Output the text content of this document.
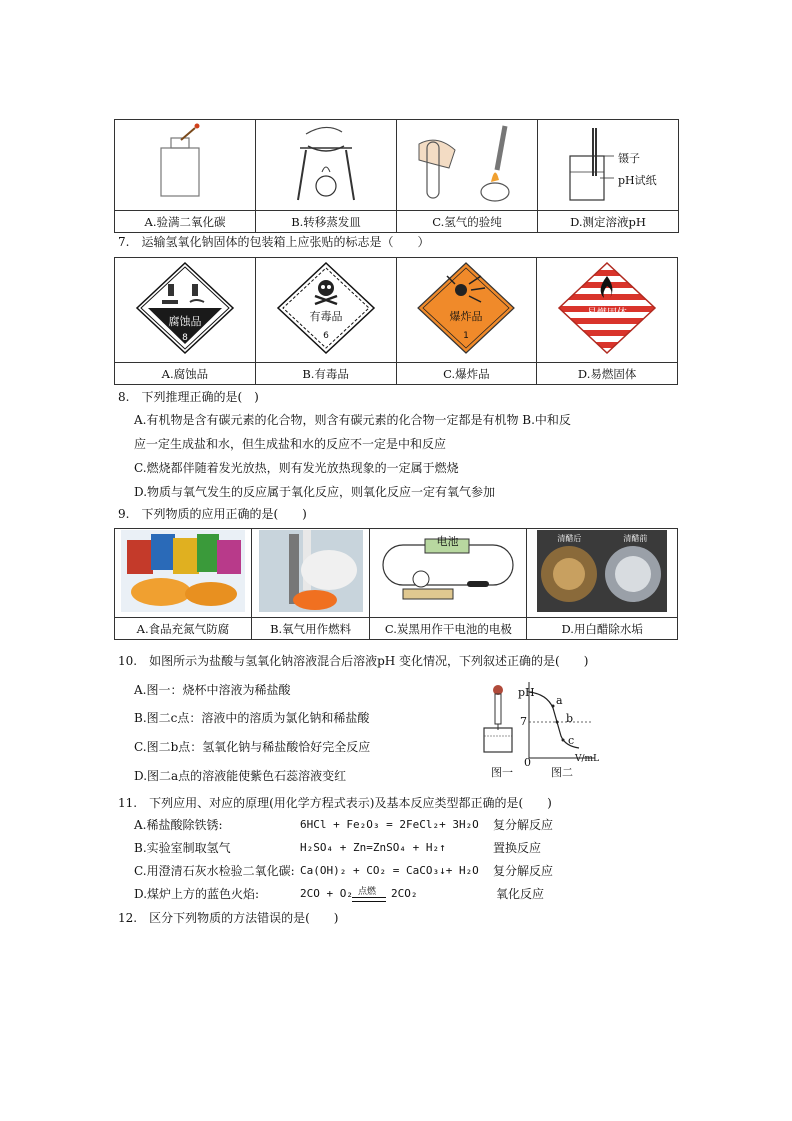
镊子
pH试纸

A.验满二氧化碳	B.转移蒸发皿	C.氢气的验纯	D.测定溶液pH
7.　运输氢氧化钠固体的包装箱上应张贴的标志是（　　）
腐蚀品
8	有毒品
6	爆炸品
1	易燃固体

A.腐蚀品	B.有毒品	C.爆炸品	D.易燃固体
8.　下列推理正确的是(　)
A.有机物是含有碳元素的化合物，则含有碳元素的化合物一定都是有机物 B.中和反
应一定生成盐和水，但生成盐和水的反应不一定是中和反应
C.燃烧都伴随着发光放热，则有发光放热现象的一定属于燃烧
D.物质与氧气发生的反应属于氧化反应，则氧化反应一定有氧气参加
9.　下列物质的应用正确的是(　　)

电池	清醋后 清醋前

A.食品充氮气防腐	B.氧气用作燃料	C.炭黑用作干电池的电极	D.用白醋除水垢
10.　如图所示为盐酸与氢氧化钠溶液混合后溶液pH 变化情况，下列叙述正确的是(　　)
A.图一：烧杯中溶液为稀盐酸
B.图二c点：溶液中的溶质为氯化钠和稀盐酸
C.图二b点：氢氧化钠与稀盐酸恰好完全反应
D.图二a点的溶液能使紫色石蕊溶液变红	图一
pH
7
a
b
c
0	V/mL
图二
11.　下列应用、对应的原理(用化学方程式表示)及基本反应类型都正确的是(　　)
A.稀盐酸除铁锈:	6HCl + Fe₂O₃ = 2FeCl₂+ 3H₂O 复分解反应
B.实验室制取氢气	H₂SO₄ + Zn=ZnSO₄ + H₂↑	置换反应
C.用澄清石灰水检验二氧化碳: Ca(OH)₂ + CO₂ = CaCO₃↓+ H₂O 复分解反应
D.煤炉上方的蓝色火焰:	2CO + O₂ 点燃 2CO₂	氧化反应
12.　区分下列物质的方法错误的是(　　)
